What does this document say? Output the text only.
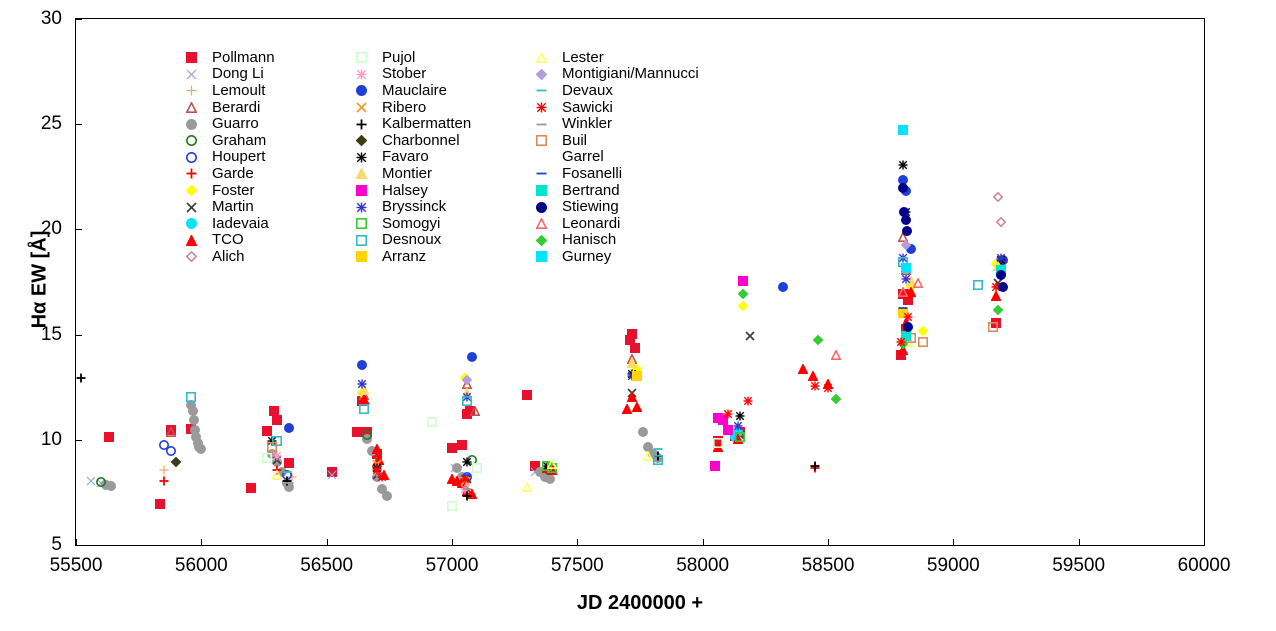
Hα EW [Å]
55500	56000	56500	57000	57500	58000	58500	59000	59500	60000
5
10
15
20
25
30
Pollmann
Dong Li
Lemoult
Berardi
Guarro
Graham
Houpert
Garde
Foster
Martin
Iadevaia
TCO
Alich
Pujol
Stober
Mauclaire
Ribero
Kalbermatten
Charbonnel
Favaro
Montier
Halsey
Bryssinck
Somogyi
Desnoux
Arranz
Lester
Montigiani/Mannucci
Devaux
Sawicki
Winkler
Buil
Garrel
Fosanelli
Bertrand
Stiewing
Leonardi
Hanisch
Gurney
JD 2400000 +
